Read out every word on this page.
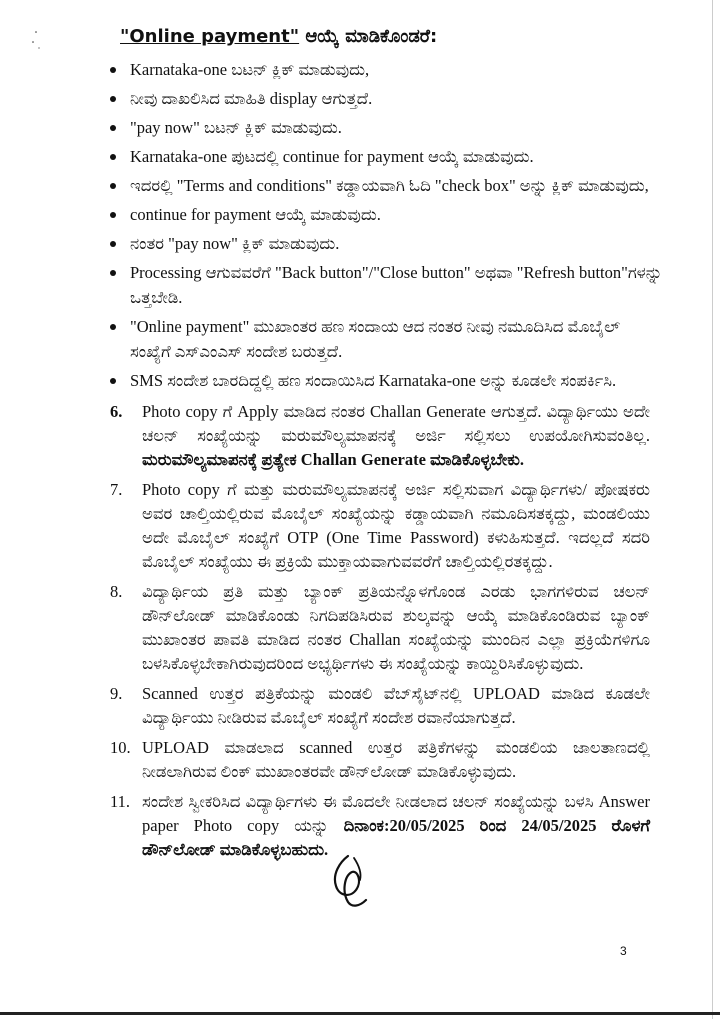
"Online payment" ಆಯ್ಕೆ ಮಾಡಿಕೊಂಡರೆ:
Karnataka-one ಬಟನ್ ಕ್ಲಿಕ್ ಮಾಡುವುದು,
ನೀವು ದಾಖಲಿಸಿದ ಮಾಹಿತಿ display ಆಗುತ್ತದೆ.
"pay now" ಬಟನ್ ಕ್ಲಿಕ್ ಮಾಡುವುದು.
Karnataka-one ಪುಟದಲ್ಲಿ continue for payment ಆಯ್ಕೆ ಮಾಡುವುದು.
ಇದರಲ್ಲಿ "Terms and conditions" ಕಡ್ಡಾಯವಾಗಿ ಓದಿ "check box" ಅನ್ನು ಕ್ಲಿಕ್ ಮಾಡುವುದು,
continue for payment ಆಯ್ಕೆ ಮಾಡುವುದು.
ನಂತರ "pay now" ಕ್ಲಿಕ್ ಮಾಡುವುದು.
Processing ಆಗುವವರೆಗೆ "Back button"/"Close button" ಅಥವಾ "Refresh button"ಗಳನ್ನು ಒತ್ತಬೇಡಿ.
"Online payment" ಮುಖಾಂತರ ಹಣ ಸಂದಾಯ ಆದ ನಂತರ ನೀವು ನಮೂದಿಸಿದ ಮೊಬೈಲ್ ಸಂಖ್ಯೆಗೆ ಎಸ್‌ಎಂಎಸ್ ಸಂದೇಶ ಬರುತ್ತದೆ.
SMS ಸಂದೇಶ ಬಾರದಿದ್ದಲ್ಲಿ ಹಣ ಸಂದಾಯಿಸಿದ Karnataka-one ಅನ್ನು ಕೂಡಲೇ ಸಂಪರ್ಕಿಸಿ.
6. Photo copy ಗೆ Apply ಮಾಡಿದ ನಂತರ Challan Generate ಆಗುತ್ತದೆ. ವಿದ್ಯಾರ್ಥಿಯು ಅದೇ ಚಲನ್ ಸಂಖ್ಯೆಯನ್ನು ಮರುಮೌಲ್ಯಮಾಪನಕ್ಕೆ ಅರ್ಜಿ ಸಲ್ಲಿಸಲು ಉಪಯೋಗಿಸುವಂತಿಲ್ಲ. ಮರುಮೌಲ್ಯಮಾಪನಕ್ಕೆ ಪ್ರತ್ಯೇಕ Challan Generate ಮಾಡಿಕೊಳ್ಳಬೇಕು.
7. Photo copy ಗೆ ಮತ್ತು ಮರುಮೌಲ್ಯಮಾಪನಕ್ಕೆ ಅರ್ಜಿ ಸಲ್ಲಿಸುವಾಗ ವಿದ್ಯಾರ್ಥಿಗಳು/ ಪೋಷಕರು ಅವರ ಚಾಲ್ತಿಯಲ್ಲಿರುವ ಮೊಬೈಲ್ ಸಂಖ್ಯೆಯನ್ನು ಕಡ್ಡಾಯವಾಗಿ ನಮೂದಿಸತಕ್ಕದ್ದು, ಮಂಡಲಿಯು ಅದೇ ಮೊಬೈಲ್ ಸಂಖ್ಯೆಗೆ OTP (One Time Password) ಕಳುಹಿಸುತ್ತದೆ. ಇದಲ್ಲದೆ ಸದರಿ ಮೊಬೈಲ್ ಸಂಖ್ಯೆಯು ಈ ಪ್ರಕ್ರಿಯೆ ಮುಕ್ತಾಯವಾಗುವವರೆಗೆ ಚಾಲ್ತಿಯಲ್ಲಿರತಕ್ಕದ್ದು.
8. ವಿದ್ಯಾರ್ಥಿಯ ಪ್ರತಿ ಮತ್ತು ಬ್ಯಾಂಕ್ ಪ್ರತಿಯನ್ನೊಳಗೊಂಡ ಎರಡು ಭಾಗಗಳಿರುವ ಚಲನ್ ಡೌನ್‌ಲೋಡ್ ಮಾಡಿಕೊಂಡು ನಿಗದಿಪಡಿಸಿರುವ ಶುಲ್ಕವನ್ನು ಆಯ್ಕೆ ಮಾಡಿಕೊಂಡಿರುವ ಬ್ಯಾಂಕ್ ಮುಖಾಂತರ ಪಾವತಿ ಮಾಡಿದ ನಂತರ Challan ಸಂಖ್ಯೆಯನ್ನು ಮುಂದಿನ ಎಲ್ಲಾ ಪ್ರಕ್ರಿಯೆಗಳಿಗೂ ಬಳಸಿಕೊಳ್ಳಬೇಕಾಗಿರುವುದರಿಂದ ಅಭ್ಯರ್ಥಿಗಳು ಈ ಸಂಖ್ಯೆಯನ್ನು ಕಾಯ್ದಿರಿಸಿಕೊಳ್ಳುವುದು.
9. Scanned ಉತ್ತರ ಪತ್ರಿಕೆಯನ್ನು ಮಂಡಲಿ ವೆಬ್‌ಸೈಟ್‌ನಲ್ಲಿ UPLOAD ಮಾಡಿದ ಕೂಡಲೇ ವಿದ್ಯಾರ್ಥಿಯು ನೀಡಿರುವ ಮೊಬೈಲ್ ಸಂಖ್ಯೆಗೆ ಸಂದೇಶ ರವಾನೆಯಾಗುತ್ತದೆ.
10. UPLOAD ಮಾಡಲಾದ scanned ಉತ್ತರ ಪತ್ರಿಕೆಗಳನ್ನು ಮಂಡಲಿಯ ಜಾಲತಾಣದಲ್ಲಿ ನೀಡಲಾಗಿರುವ ಲಿಂಕ್ ಮುಖಾಂತರವೇ ಡೌನ್‌ಲೋಡ್ ಮಾಡಿಕೊಳ್ಳುವುದು.
11. ಸಂದೇಶ ಸ್ವೀಕರಿಸಿದ ವಿದ್ಯಾರ್ಥಿಗಳು ಈ ಮೊದಲೇ ನೀಡಲಾದ ಚಲನ್ ಸಂಖ್ಯೆಯನ್ನು ಬಳಸಿ Answer paper Photo copy ಯನ್ನು ದಿನಾಂಕ:20/05/2025 ರಿಂದ 24/05/2025 ರೊಳಗೆ ಡೌನ್‌ಲೋಡ್ ಮಾಡಿಕೊಳ್ಳಬಹುದು.
3
